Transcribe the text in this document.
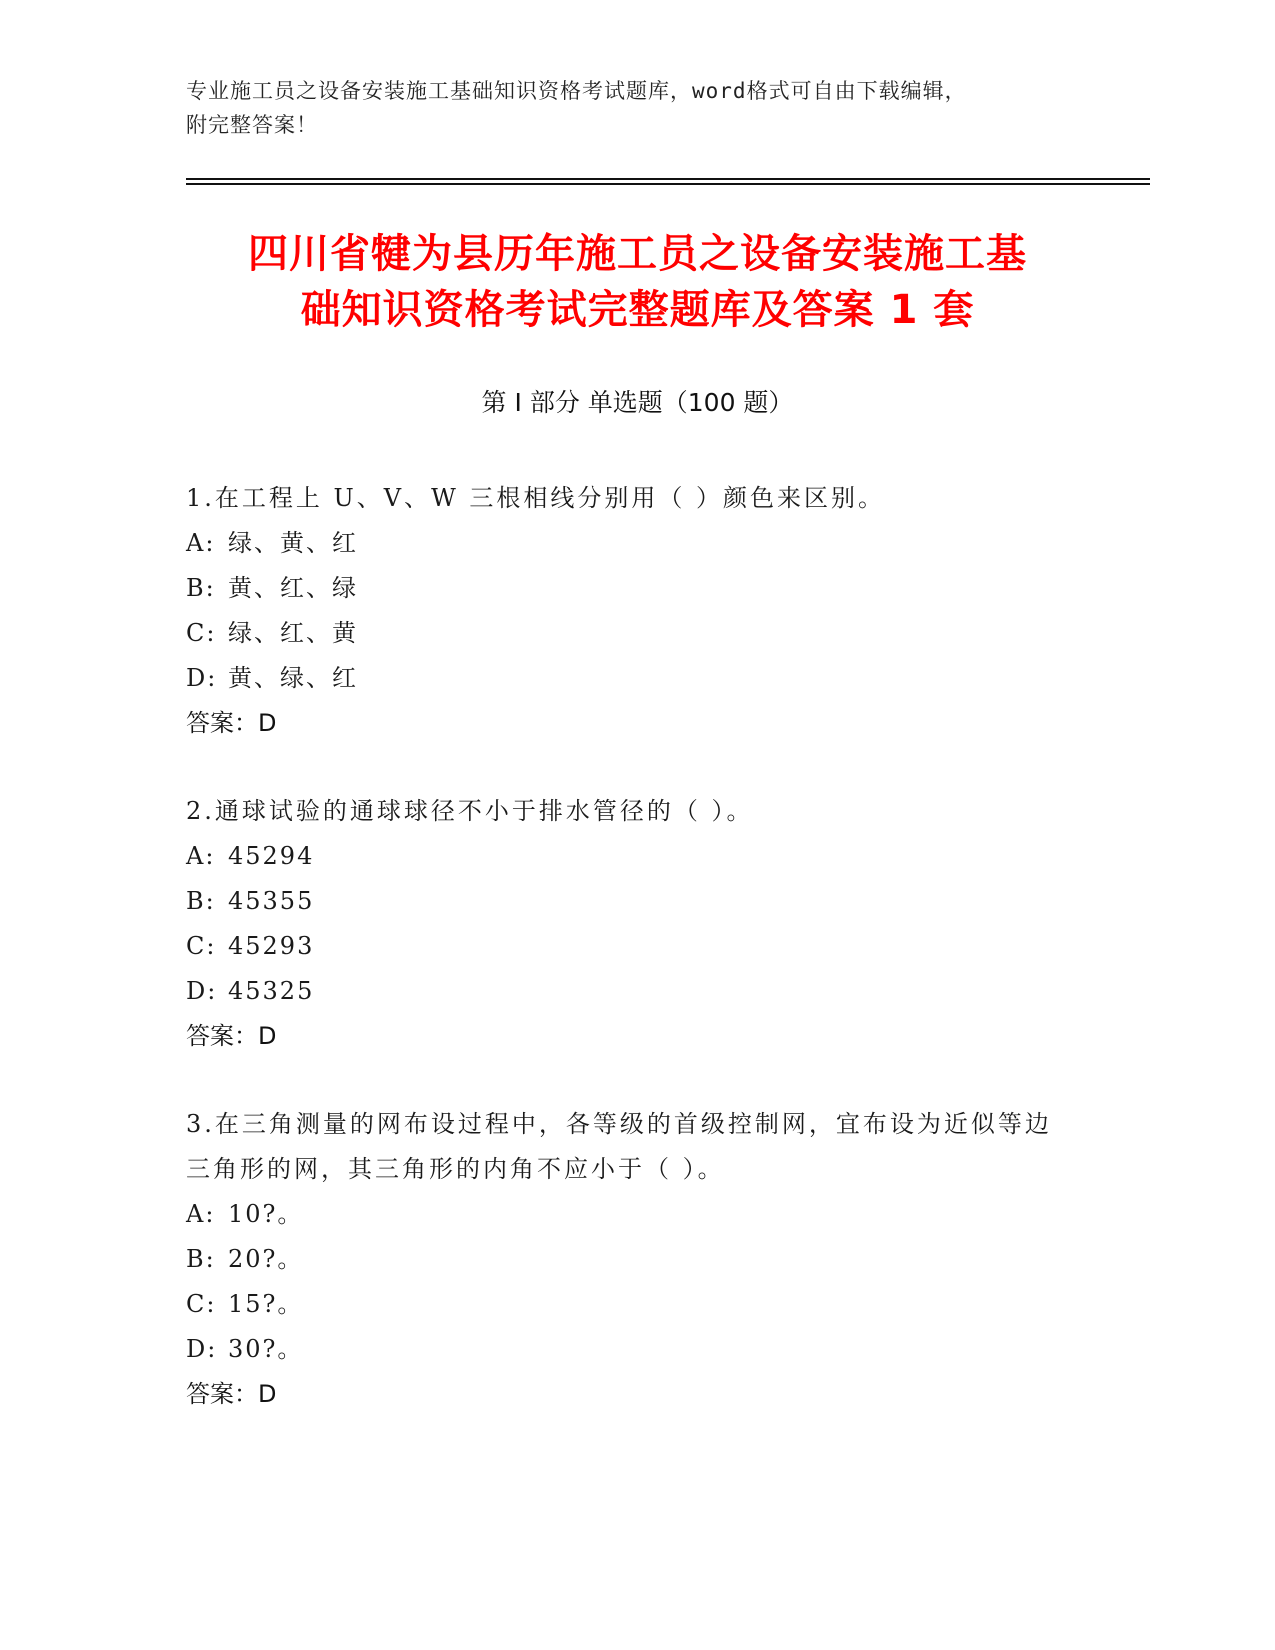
专业施工员之设备安装施工基础知识资格考试题库，word格式可自由下载编辑，
附完整答案！
四川省犍为县历年施工员之设备安装施工基
础知识资格考试完整题库及答案 1 套
第 I 部分 单选题（100 题）
1.在工程上 U、V、W 三根相线分别用（ ）颜色来区别。
A: 绿、黄、红
B: 黄、红、绿
C: 绿、红、黄
D: 黄、绿、红
答案：D
2.通球试验的通球球径不小于排水管径的（ ）。
A: 45294
B: 45355
C: 45293
D: 45325
答案：D
3.在三角测量的网布设过程中，各等级的首级控制网，宜布设为近似等边三角形的网，其三角形的内角不应小于（ ）。
A: 10?。
B: 20?。
C: 15?。
D: 30?。
答案：D
